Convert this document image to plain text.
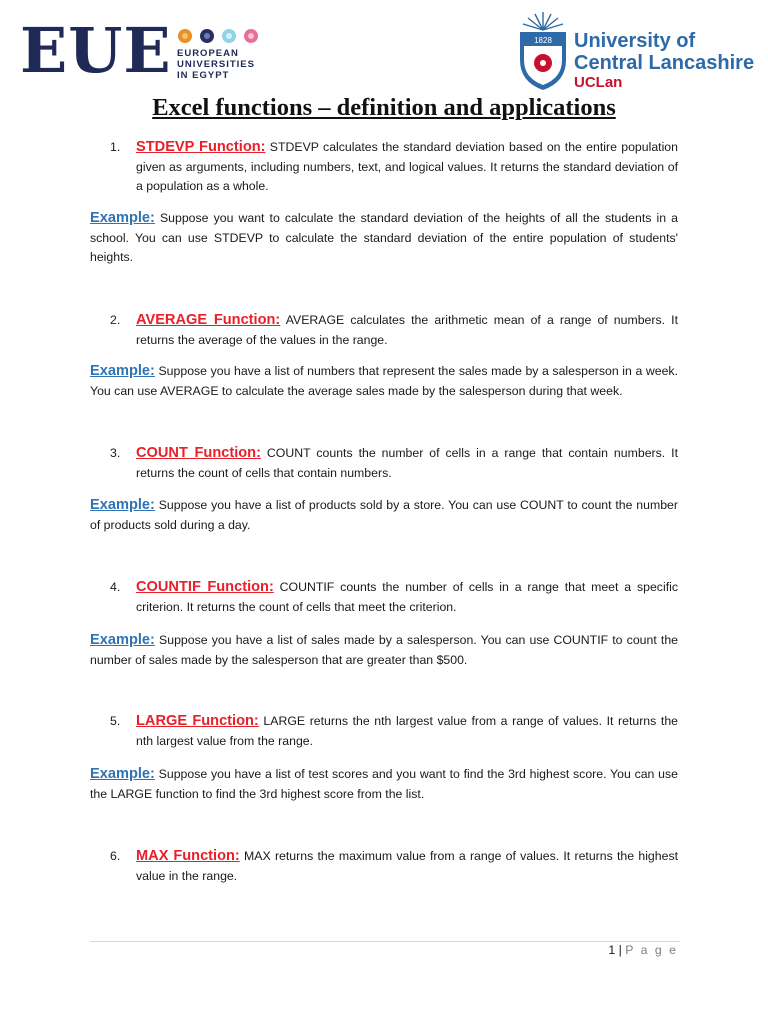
EUE EUROPEAN
UNIVERSITIES
IN EGYPT
1828 University of
Central Lancashire
UCLan
Excel functions – definition and applications
1.	STDEVP Function: STDEVP calculates the standard deviation based on the entire population given as arguments, including numbers, text, and logical values. It returns the standard deviation of a population as a whole.
Example: Suppose you want to calculate the standard deviation of the heights of all the students in a school. You can use STDEVP to calculate the standard deviation of the entire population of students' heights.
2.	AVERAGE Function: AVERAGE calculates the arithmetic mean of a range of numbers. It returns the average of the values in the range.
Example: Suppose you have a list of numbers that represent the sales made by a salesperson in a week. You can use AVERAGE to calculate the average sales made by the salesperson during that week.
3.	COUNT Function: COUNT counts the number of cells in a range that contain numbers. It returns the count of cells that contain numbers.
Example: Suppose you have a list of products sold by a store. You can use COUNT to count the number of products sold during a day.
4.	COUNTIF Function: COUNTIF counts the number of cells in a range that meet a specific criterion. It returns the count of cells that meet the criterion.
Example: Suppose you have a list of sales made by a salesperson. You can use COUNTIF to count the number of sales made by the salesperson that are greater than $500.
5.	LARGE Function: LARGE returns the nth largest value from a range of values. It returns the nth largest value from the range.
Example: Suppose you have a list of test scores and you want to find the 3rd highest score. You can use the LARGE function to find the 3rd highest score from the list.
6.	MAX Function: MAX returns the maximum value from a range of values. It returns the highest value in the range.
1 | P a g e
